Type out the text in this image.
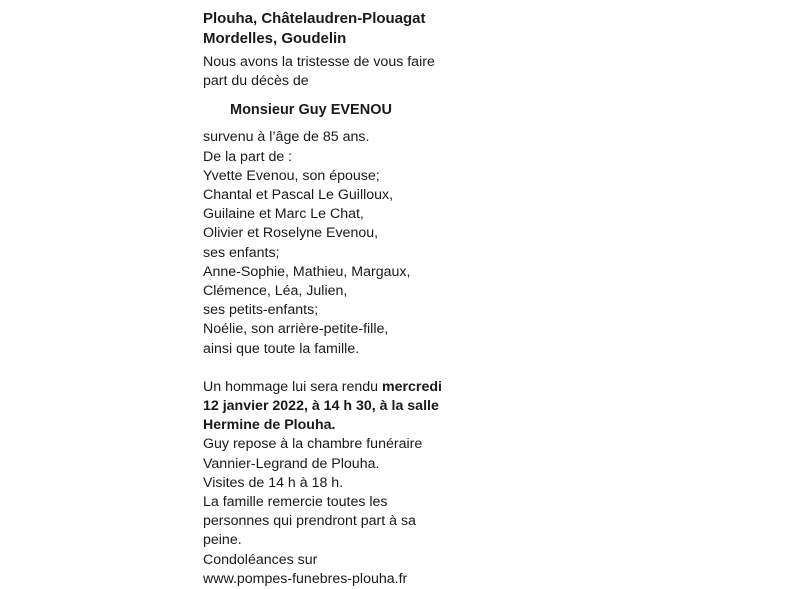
Plouha, Châtelaudren-Plouagat
Mordelles, Goudelin
Nous avons la tristesse de vous faire
part du décès de
Monsieur Guy EVENOU
survenu à l’âge de 85 ans.
De la part de :
Yvette Evenou, son épouse;
Chantal et Pascal Le Guilloux,
Guilaine et Marc Le Chat,
Olivier et Roselyne Evenou,
ses enfants;
Anne-Sophie, Mathieu, Margaux,
Clémence, Léa, Julien,
ses petits-enfants;
Noélie, son arrière-petite-fille,
ainsi que toute la famille.
Un hommage lui sera rendu mercredi
12 janvier 2022, à 14 h 30, à la salle
Hermine de Plouha.
Guy repose à la chambre funéraire
Vannier-Legrand de Plouha.
Visites de 14 h à 18 h.
La famille remercie toutes les
personnes qui prendront part à sa
peine.
Condoléances sur
www.pompes-funebres-plouha.fr
